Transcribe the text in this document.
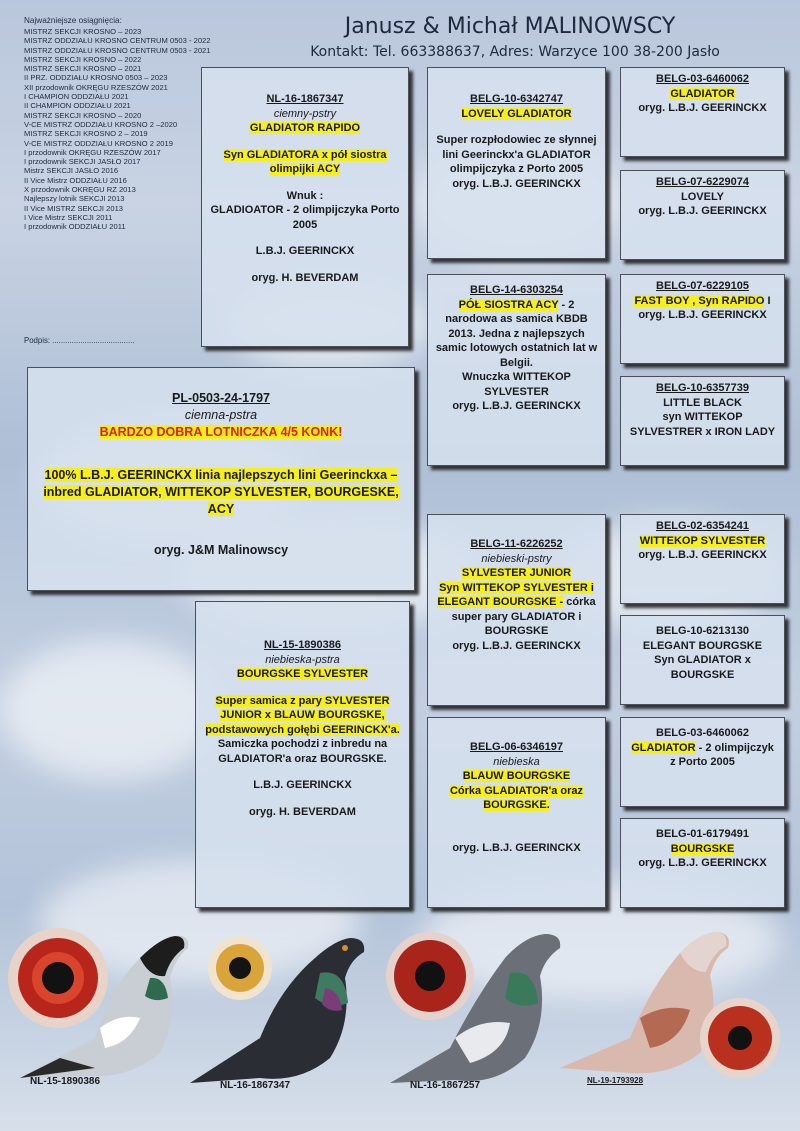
Janusz & Michał MALINOWSCY
Kontakt: Tel. 663388637, Adres: Warzyce 100 38-200 Jasło
Najważniejsze osiągnięcia:
MISTRZ SEKCJI KROSNO – 2023
MISTRZ ODDZIAŁU KROSNO CENTRUM 0503 - 2022
MISTRZ ODDZIAŁU KROSNO CENTRUM 0503 - 2021
MISTRZ SEKCJI KROSNO – 2022
MISTRZ SEKCJI KROSNO – 2021
II PRZ. ODDZIAŁU KROSNO 0503 – 2023
XII przodownik OKRĘGU RZESZÓW 2021
I CHAMPION ODDZIAŁU 2021
II CHAMPION ODDZIAŁU 2021
MISTRZ SEKCJI KROSNO – 2020
V-CE MISTRZ ODDZIAŁU KROSNO 2 –2020
MISTRZ SEKCJI KROSNO 2 – 2019
V-CE MISTRZ ODDZIAŁU KROSNO 2 2019
I przodownik OKRĘGU RZESZÓW 2017
I przodownik SEKCJI JASŁO 2017
Mistrz SEKCJI JASŁO 2016
II Vice Mistrz ODDZIAŁU 2016
X przodownik OKRĘGU RZ 2013
Najlepszy lotnik SEKCJI 2013
II Vice MISTRZ SEKCJI 2013
I Vice Mistrz SEKCJI 2011
I przodownik ODDZIAŁU 2011
Podpis: ......................................
NL-16-1867347
ciemny-pstry
GLADIATOR RAPIDO
Syn GLADIATORA x pół siostra olimpijki ACY
Wnuk :
GLADIOATOR - 2 olimpijczyka Porto 2005
L.B.J. GEERINCKX
oryg. H. BEVERDAM
PL-0503-24-1797
ciemna-pstra
BARDZO DOBRA LOTNICZKA 4/5 KONK!
100% L.B.J. GEERINCKX linia najlepszych lini Geerinckxa – inbred GLADIATOR, WITTEKOP SYLVESTER, BOURGESKE, ACY
oryg. J&M Malinowscy
NL-15-1890386
niebieska-pstra
BOURGSKE SYLVESTER
Super samica z pary SYLVESTER JUNIOR x BLAUW BOURGSKE, podstawowych gołębi GEERINCKX'a.
Samiczka pochodzi z inbredu na GLADIATOR'a oraz BOURGSKE.
L.B.J. GEERINCKX
oryg. H. BEVERDAM
BELG-10-6342747
LOVELY GLADIATOR
Super rozpłodowiec ze słynnej lini Geerinckx'a GLADIATOR olimpijczyka z Porto 2005
oryg. L.B.J. GEERINCKX
BELG-14-6303254
PÓŁ SIOSTRA ACY - 2 narodowa as samica KBDB 2013. Jedna z najlepszych samic lotowych ostatnich lat w Belgii.
Wnuczka WITTEKOP SYLVESTER
oryg. L.B.J. GEERINCKX
BELG-11-6226252
niebieski-pstry
SYLVESTER JUNIOR
Syn WITTEKOP SYLVESTER i ELEGANT BOURGSKE - córka super pary GLADIATOR i BOURGSKE
oryg. L.B.J. GEERINCKX
BELG-06-6346197
niebieska
BLAUW BOURGSKE
Córka GLADIATOR'a oraz BOURGSKE.
oryg. L.B.J. GEERINCKX
BELG-03-6460062
GLADIATOR
oryg. L.B.J. GEERINCKX
BELG-07-6229074
LOVELY
oryg. L.B.J. GEERINCKX
BELG-07-6229105
FAST BOY , Syn RAPIDO I
oryg. L.B.J. GEERINCKX
BELG-10-6357739
LITTLE BLACK
syn WITTEKOP SYLVESTRER x IRON LADY
BELG-02-6354241
WITTEKOP SYLVESTER
oryg. L.B.J. GEERINCKX
BELG-10-6213130
ELEGANT BOURGSKE
Syn GLADIATOR x BOURGSKE
BELG-03-6460062
GLADIATOR - 2 olimpijczyk z Porto 2005
BELG-01-6179491
BOURGSKE
oryg. L.B.J. GEERINCKX
NL-15-1890386	NL-16-1867347	NL-16-1867257	NL-19-1793928
